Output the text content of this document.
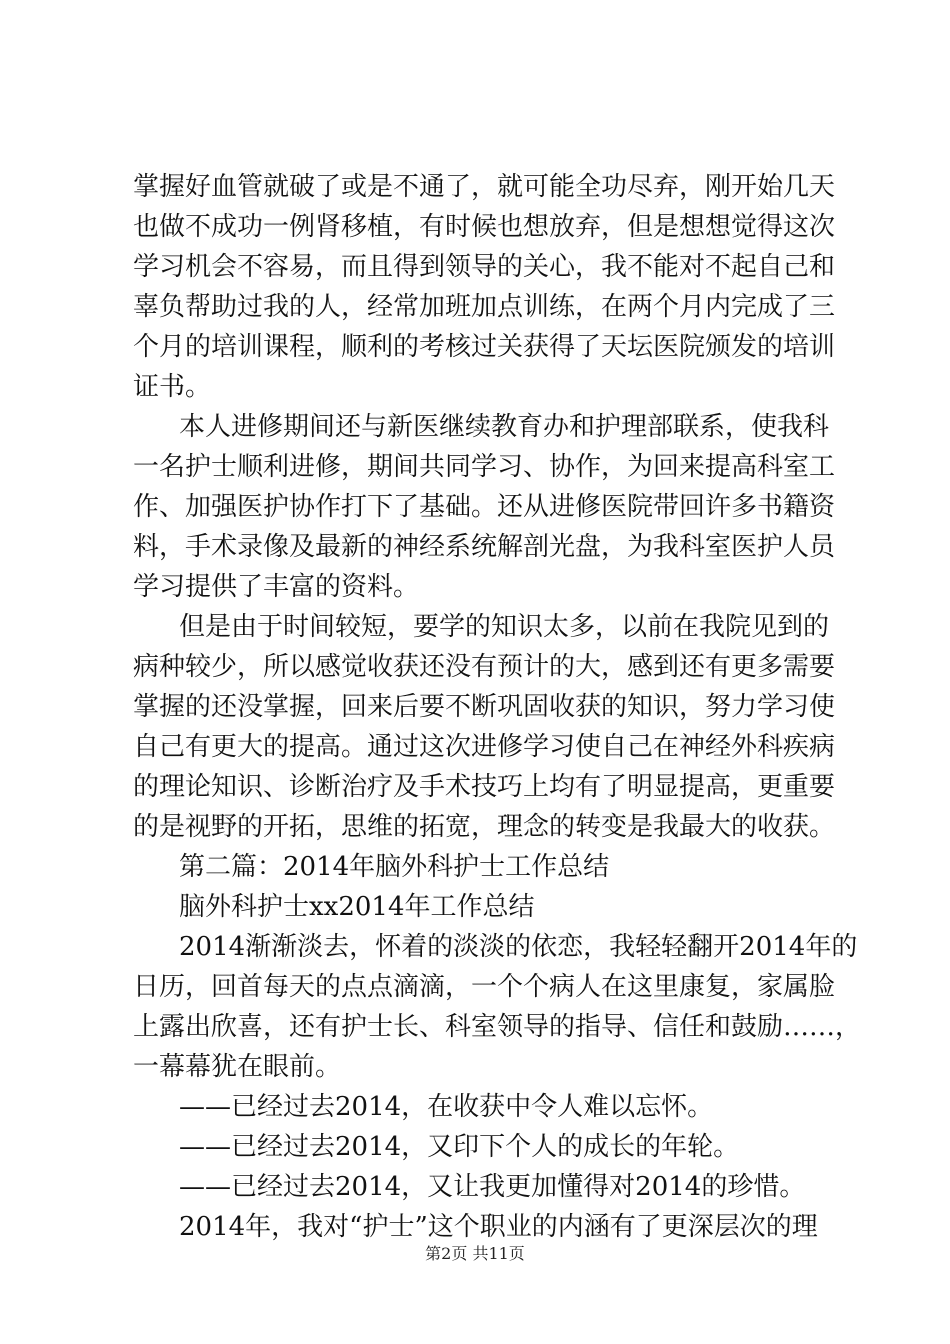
掌握好血管就破了或是不通了，就可能全功尽弃，刚开始几天
也做不成功一例肾移植，有时候也想放弃，但是想想觉得这次
学习机会不容易，而且得到领导的关心，我不能对不起自己和
辜负帮助过我的人，经常加班加点训练，在两个月内完成了三
个月的培训课程，顺利的考核过关获得了天坛医院颁发的培训
证书。
本人进修期间还与新医继续教育办和护理部联系，使我科
一名护士顺利进修，期间共同学习、协作，为回来提高科室工
作、加强医护协作打下了基础。还从进修医院带回许多书籍资
料，手术录像及最新的神经系统解剖光盘，为我科室医护人员
学习提供了丰富的资料。
但是由于时间较短，要学的知识太多，以前在我院见到的
病种较少，所以感觉收获还没有预计的大，感到还有更多需要
掌握的还没掌握，回来后要不断巩固收获的知识，努力学习使
自己有更大的提高。通过这次进修学习使自己在神经外科疾病
的理论知识、诊断治疗及手术技巧上均有了明显提高，更重要
的是视野的开拓，思维的拓宽，理念的转变是我最大的收获。
第二篇：2014年脑外科护士工作总结
脑外科护士xx2014年工作总结
2014渐渐淡去，怀着的淡淡的依恋，我轻轻翻开2014年的
日历，回首每天的点点滴滴，一个个病人在这里康复，家属脸
上露出欣喜，还有护士长、科室领导的指导、信任和鼓励……，
一幕幕犹在眼前。
——已经过去2014，在收获中令人难以忘怀。
——已经过去2014，又印下个人的成长的年轮。
——已经过去2014，又让我更加懂得对2014的珍惜。
2014年，我对“护士”这个职业的内涵有了更深层次的理
第2页 共11页
